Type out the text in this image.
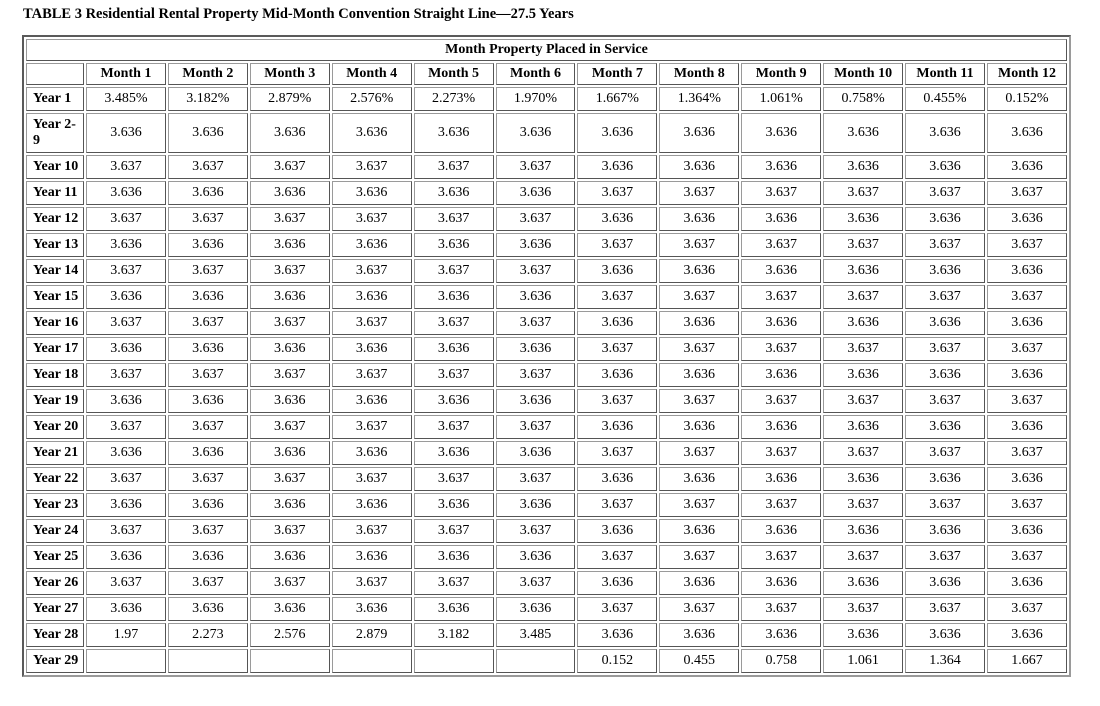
TABLE 3 Residential Rental Property Mid-Month Convention Straight Line—27.5 Years
Month Property Placed in Service												
	Month 1	Month 2	Month 3	Month 4	Month 5	Month 6	Month 7	Month 8	Month 9	Month 10	Month 11	Month 12
Year 1	3.485%	3.182%	2.879%	2.576%	2.273%	1.970%	1.667%	1.364%	1.061%	0.758%	0.455%	0.152%
Year 2-9	3.636	3.636	3.636	3.636	3.636	3.636	3.636	3.636	3.636	3.636	3.636	3.636
Year 10	3.637	3.637	3.637	3.637	3.637	3.637	3.636	3.636	3.636	3.636	3.636	3.636
Year 11	3.636	3.636	3.636	3.636	3.636	3.636	3.637	3.637	3.637	3.637	3.637	3.637
Year 12	3.637	3.637	3.637	3.637	3.637	3.637	3.636	3.636	3.636	3.636	3.636	3.636
Year 13	3.636	3.636	3.636	3.636	3.636	3.636	3.637	3.637	3.637	3.637	3.637	3.637
Year 14	3.637	3.637	3.637	3.637	3.637	3.637	3.636	3.636	3.636	3.636	3.636	3.636
Year 15	3.636	3.636	3.636	3.636	3.636	3.636	3.637	3.637	3.637	3.637	3.637	3.637
Year 16	3.637	3.637	3.637	3.637	3.637	3.637	3.636	3.636	3.636	3.636	3.636	3.636
Year 17	3.636	3.636	3.636	3.636	3.636	3.636	3.637	3.637	3.637	3.637	3.637	3.637
Year 18	3.637	3.637	3.637	3.637	3.637	3.637	3.636	3.636	3.636	3.636	3.636	3.636
Year 19	3.636	3.636	3.636	3.636	3.636	3.636	3.637	3.637	3.637	3.637	3.637	3.637
Year 20	3.637	3.637	3.637	3.637	3.637	3.637	3.636	3.636	3.636	3.636	3.636	3.636
Year 21	3.636	3.636	3.636	3.636	3.636	3.636	3.637	3.637	3.637	3.637	3.637	3.637
Year 22	3.637	3.637	3.637	3.637	3.637	3.637	3.636	3.636	3.636	3.636	3.636	3.636
Year 23	3.636	3.636	3.636	3.636	3.636	3.636	3.637	3.637	3.637	3.637	3.637	3.637
Year 24	3.637	3.637	3.637	3.637	3.637	3.637	3.636	3.636	3.636	3.636	3.636	3.636
Year 25	3.636	3.636	3.636	3.636	3.636	3.636	3.637	3.637	3.637	3.637	3.637	3.637
Year 26	3.637	3.637	3.637	3.637	3.637	3.637	3.636	3.636	3.636	3.636	3.636	3.636
Year 27	3.636	3.636	3.636	3.636	3.636	3.636	3.637	3.637	3.637	3.637	3.637	3.637
Year 28	1.97	2.273	2.576	2.879	3.182	3.485	3.636	3.636	3.636	3.636	3.636	3.636
Year 29							0.152	0.455	0.758	1.061	1.364	1.667
